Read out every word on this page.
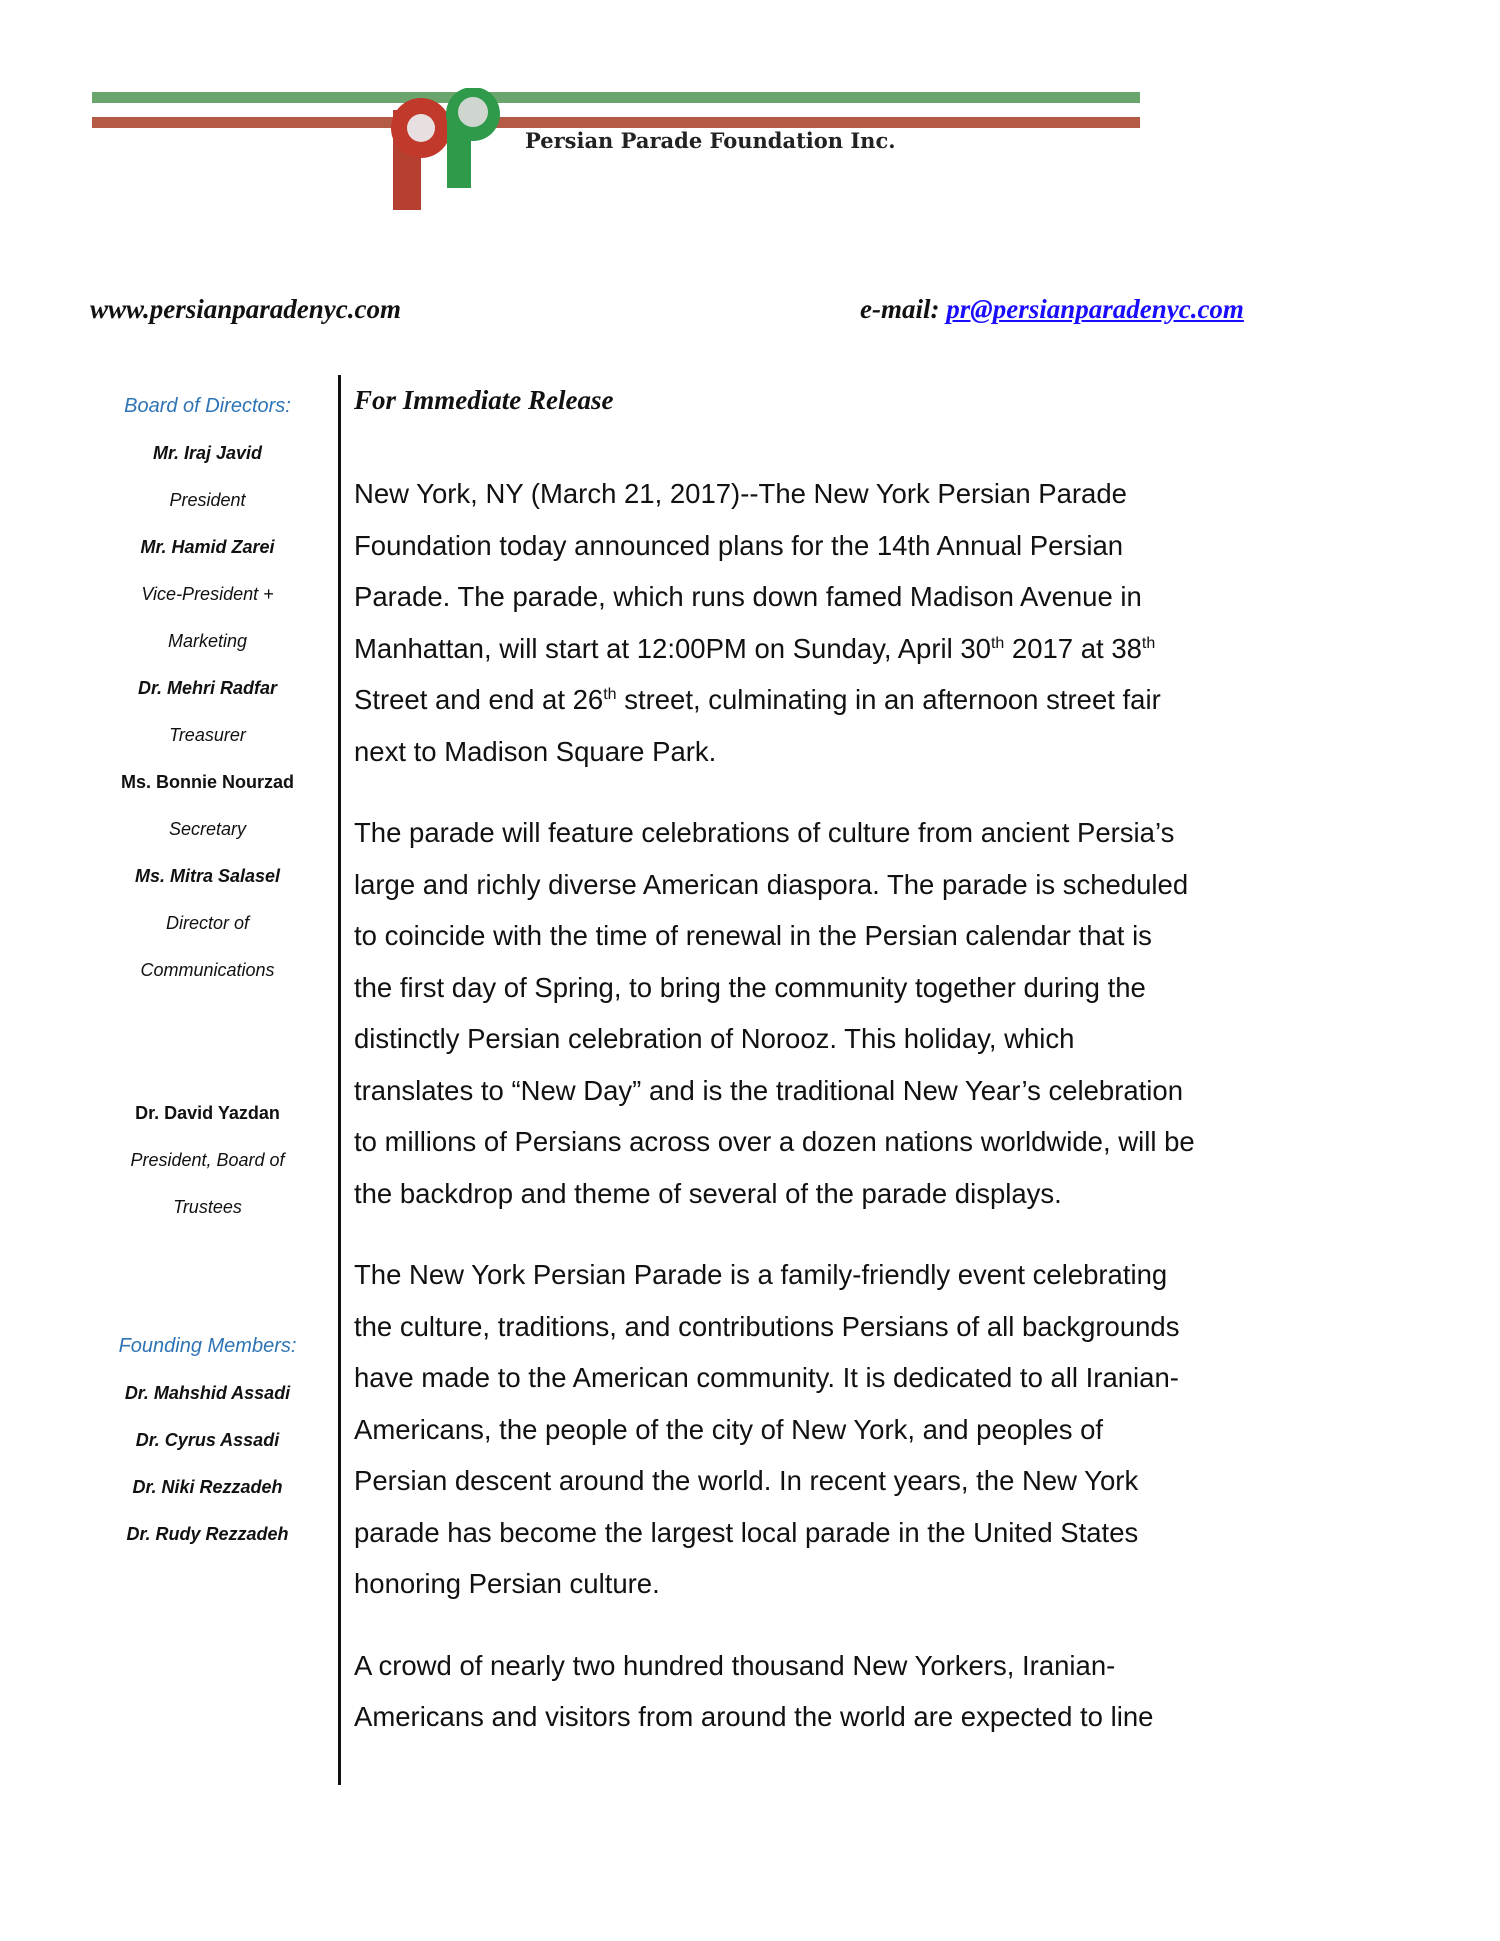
Persian Parade Foundation Inc.
www.persianparadenyc.com	e-mail: pr@persianparadenyc.com
Board of Directors:
Mr. Iraj Javid
President
Mr. Hamid Zarei
Vice-President +
Marketing
Dr. Mehri Radfar
Treasurer
Ms. Bonnie Nourzad
Secretary
Ms. Mitra Salasel
Director of
Communications
Dr. David Yazdan
President, Board of
Trustees
Founding Members:
Dr. Mahshid Assadi
Dr. Cyrus Assadi
Dr. Niki Rezzadeh
Dr. Rudy Rezzadeh
For Immediate Release
New York, NY (March 21, 2017)--The New York Persian Parade
Foundation today announced plans for the 14th Annual Persian
Parade. The parade, which runs down famed Madison Avenue in
Manhattan, will start at 12:00PM on Sunday, April 30th 2017 at 38th
Street and end at 26th street, culminating in an afternoon street fair
next to Madison Square Park.
The parade will feature celebrations of culture from ancient Persia’s
large and richly diverse American diaspora. The parade is scheduled
to coincide with the time of renewal in the Persian calendar that is
the first day of Spring, to bring the community together during the
distinctly Persian celebration of Norooz. This holiday, which
translates to “New Day” and is the traditional New Year’s celebration
to millions of Persians across over a dozen nations worldwide, will be
the backdrop and theme of several of the parade displays.
The New York Persian Parade is a family-friendly event celebrating
the culture, traditions, and contributions Persians of all backgrounds
have made to the American community. It is dedicated to all Iranian-
Americans, the people of the city of New York, and peoples of
Persian descent around the world. In recent years, the New York
parade has become the largest local parade in the United States
honoring Persian culture.
A crowd of nearly two hundred thousand New Yorkers, Iranian-
Americans and visitors from around the world are expected to line
